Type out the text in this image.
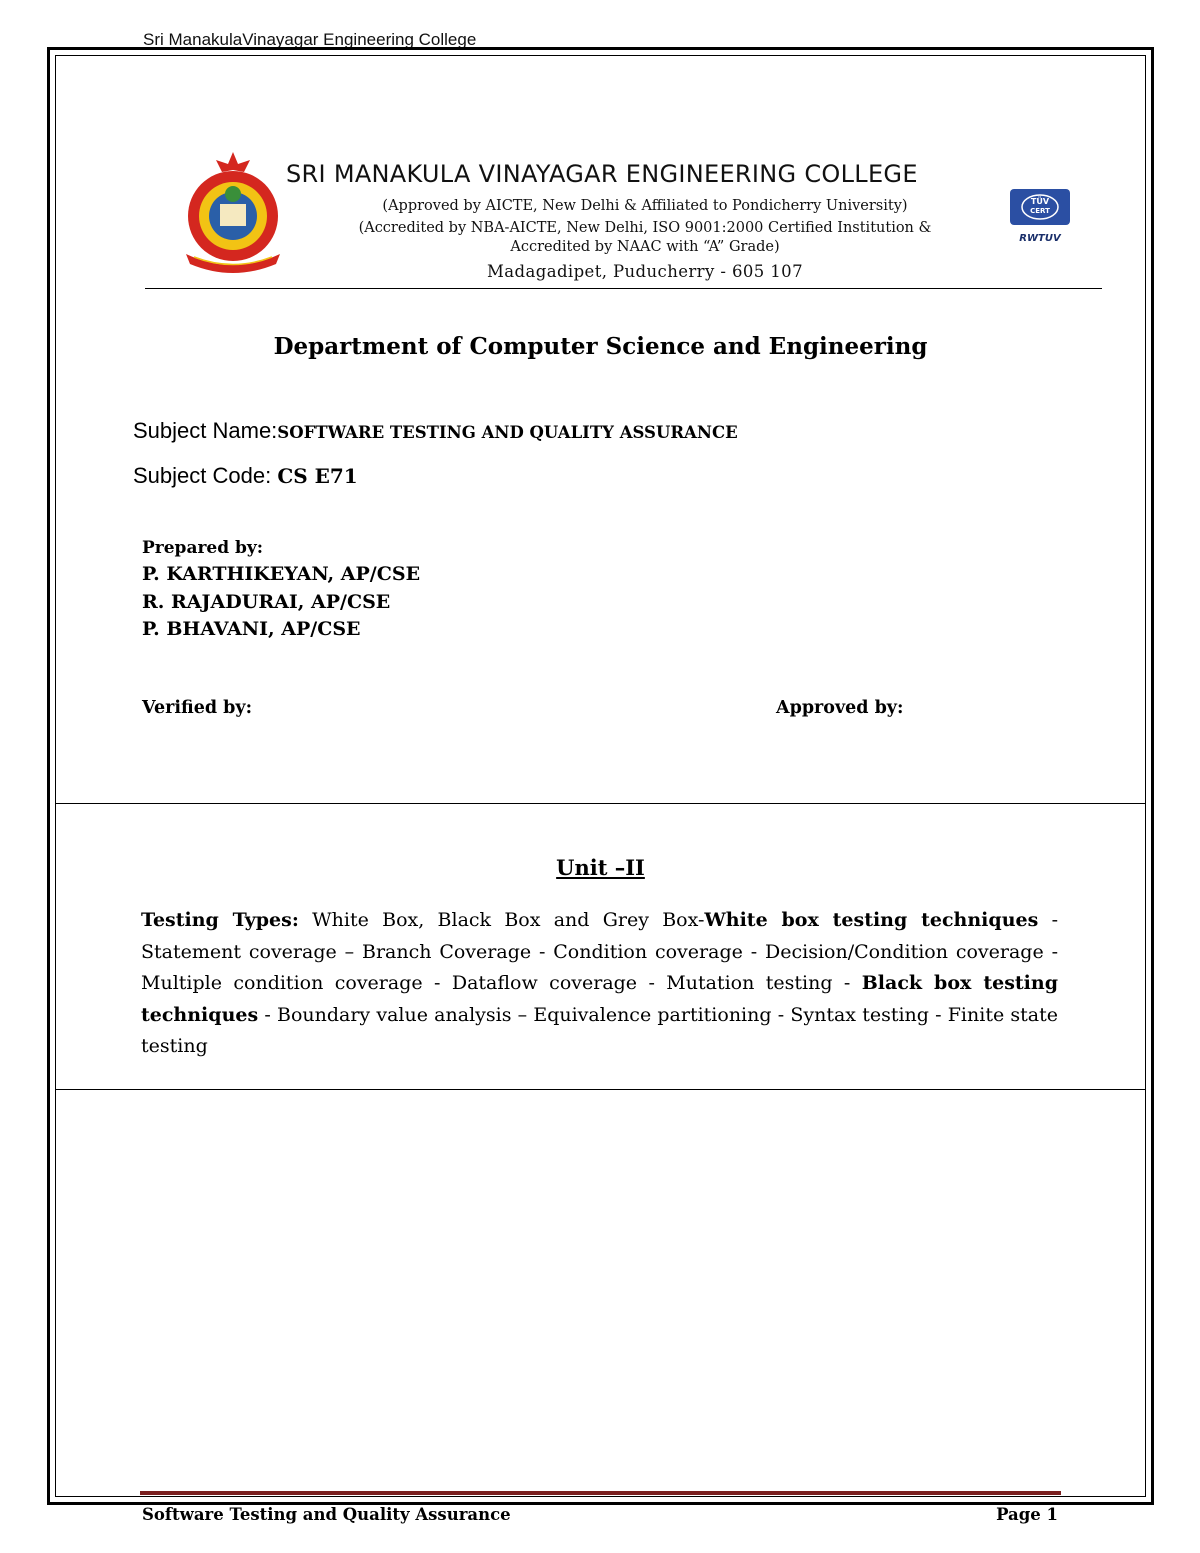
Sri ManakulaVinayagar Engineering College
SRI MANAKULA VINAYAGAR ENGINEERING COLLEGE
(Approved by AICTE, New Delhi & Affiliated to Pondicherry University)
(Accredited by NBA-AICTE, New Delhi, ISO 9001:2000 Certified Institution &
Accredited by NAAC with “A” Grade)
Madagadipet, Puducherry - 605 107
TÜV
CERT
RWTUV
Department of Computer Science and Engineering
Subject Name:SOFTWARE TESTING AND QUALITY ASSURANCE
Subject Code: CS E71
Prepared by:
P. KARTHIKEYAN, AP/CSE
R. RAJADURAI, AP/CSE
P. BHAVANI, AP/CSE
Verified by:	Approved by:
Unit –II
Testing Types: White Box, Black Box and Grey Box-White box testing techniques - Statement coverage – Branch Coverage - Condition coverage - Decision/Condition coverage - Multiple condition coverage - Dataflow coverage - Mutation testing - Black box testing techniques - Boundary value analysis – Equivalence partitioning - Syntax testing - Finite state testing
Software Testing and Quality Assurance	Page 1
